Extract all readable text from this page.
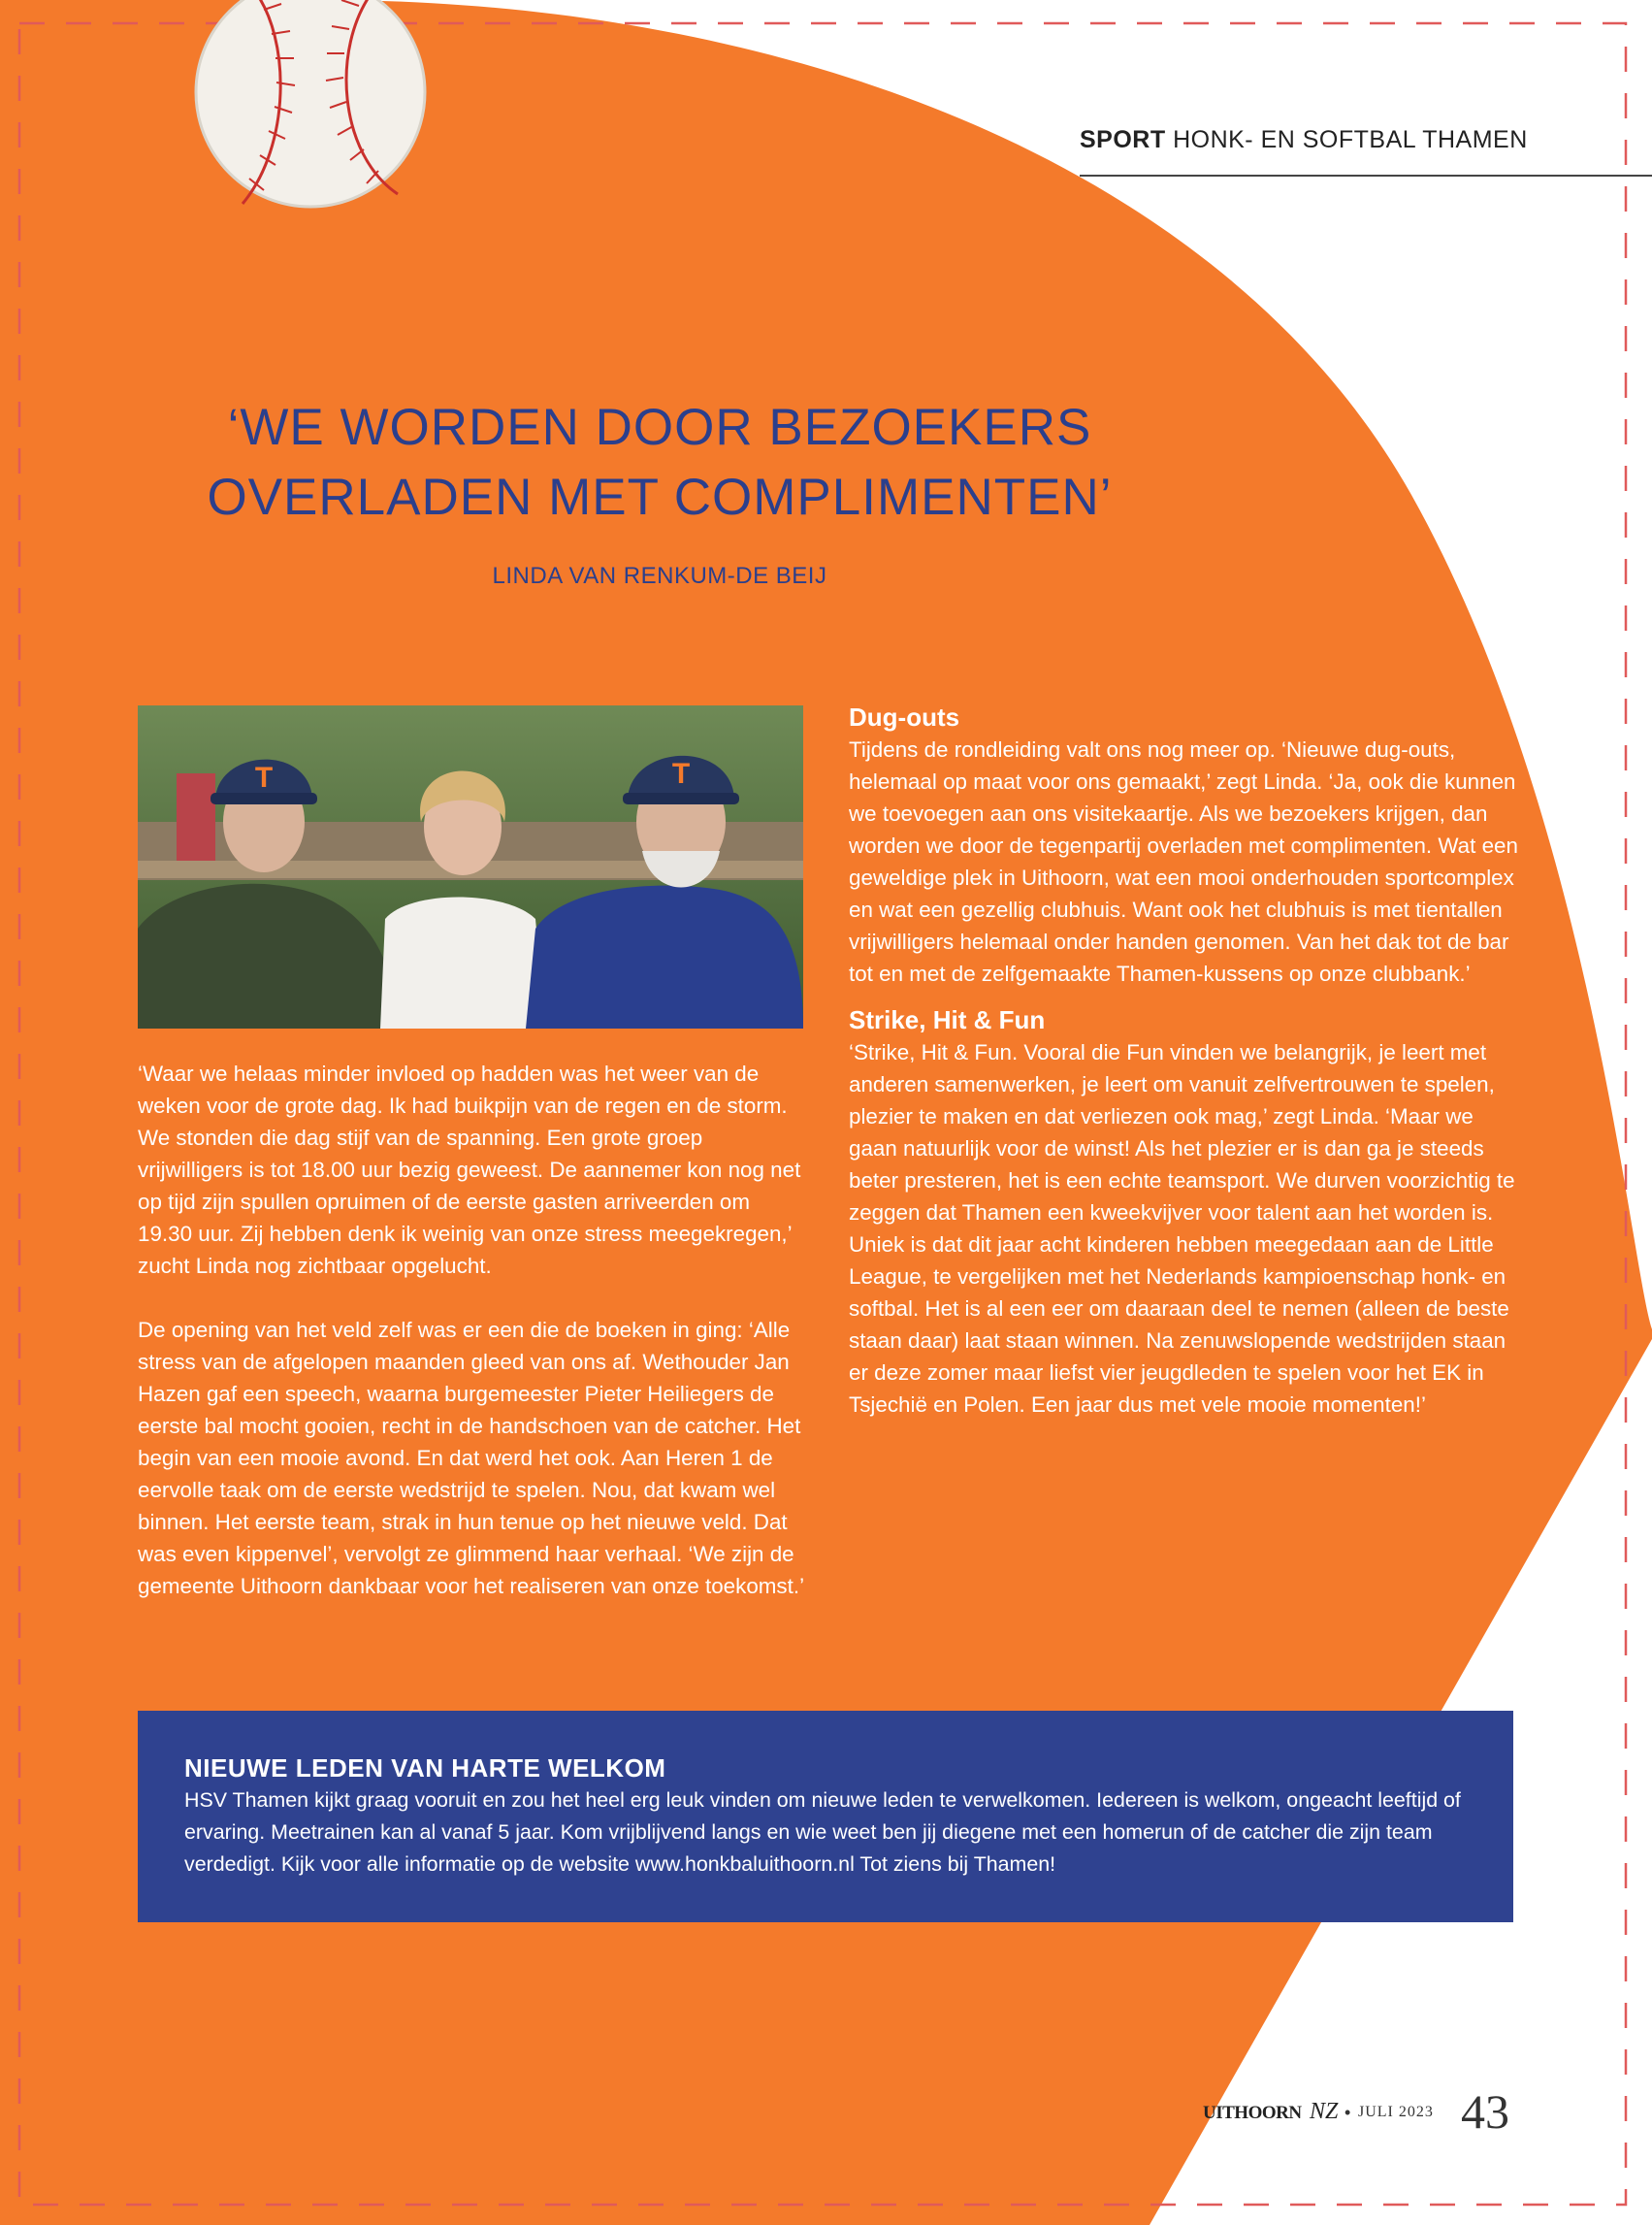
SPORT HONK- EN SOFTBAL THAMEN
‘WE WORDEN DOOR BEZOEKERS
OVERLADEN MET COMPLIMENTEN’
LINDA VAN RENKUM-DE BEIJ
T	T

‘Waar we helaas minder invloed op hadden was het weer van de weken voor de grote dag. Ik had buikpijn van de regen en de storm. We stonden die dag stijf van de spanning. Een grote groep vrijwilligers is tot 18.00 uur bezig geweest. De aannemer kon nog net op tijd zijn spullen opruimen of de eerste gasten arriveerden om 19.30 uur. Zij hebben denk ik weinig van onze stress meegekregen,’ zucht Linda nog zichtbaar opgelucht.

De opening van het veld zelf was er een die de boeken in ging: ‘Alle stress van de afgelopen maanden gleed van ons af. Wethouder Jan Hazen gaf een speech, waarna burgemeester Pieter Heiliegers de eerste bal mocht gooien, recht in de handschoen van de catcher. Het begin van een mooie avond. En dat werd het ook. Aan Heren 1 de eervolle taak om de eerste wedstrijd te spelen. Nou, dat kwam wel binnen. Het eerste team, strak in hun tenue op het nieuwe veld. Dat was even kippenvel’, vervolgt ze glimmend haar verhaal. ‘We zijn de gemeente Uithoorn dankbaar voor het realiseren van onze toekomst.’

Dug-outs

Tijdens de rondleiding valt ons nog meer op. ‘Nieuwe dug-outs, helemaal op maat voor ons gemaakt,’ zegt Linda. ‘Ja, ook die kunnen we toevoegen aan ons visitekaartje. Als we bezoekers krijgen, dan worden we door de tegenpartij overladen met complimenten. Wat een geweldige plek in Uithoorn, wat een mooi onderhouden sportcomplex en wat een gezellig clubhuis. Want ook het clubhuis is met tientallen vrijwilligers helemaal onder handen genomen. Van het dak tot de bar tot en met de zelfgemaakte Thamen-kussens op onze clubbank.’

Strike, Hit & Fun

‘Strike, Hit & Fun. Vooral die Fun vinden we belangrijk, je leert met anderen samenwerken, je leert om vanuit zelfvertrouwen te spelen, plezier te maken en dat verliezen ook mag,’ zegt Linda. ‘Maar we gaan natuurlijk voor de winst! Als het plezier er is dan ga je steeds beter presteren, het is een echte teamsport. We durven voorzichtig te zeggen dat Thamen een kweekvijver voor talent aan het worden is. Uniek is dat dit jaar acht kinderen hebben meegedaan aan de Little League, te vergelijken met het Nederlands kampioenschap honk- en softbal. Het is al een eer om daaraan deel te nemen (alleen de beste staan daar) laat staan winnen. Na zenuwslopende wedstrijden staan er deze zomer maar liefst vier jeugdleden te spelen voor het EK in Tsjechië en Polen. Een jaar dus met vele mooie momenten!’

NIEUWE LEDEN VAN HARTE WELKOM

HSV Thamen kijkt graag vooruit en zou het heel erg leuk vinden om nieuwe leden te verwelkomen. Iedereen is welkom, ongeacht leeftijd of ervaring. Meetrainen kan al vanaf 5 jaar. Kom vrijblijvend langs en wie weet ben jij diegene met een homerun of de catcher die zijn team verdedigt. Kijk voor alle informatie op de website www.honkbaluithoorn.nl Tot ziens bij Thamen!

UITHOORN NZ • JULI 2023 43
